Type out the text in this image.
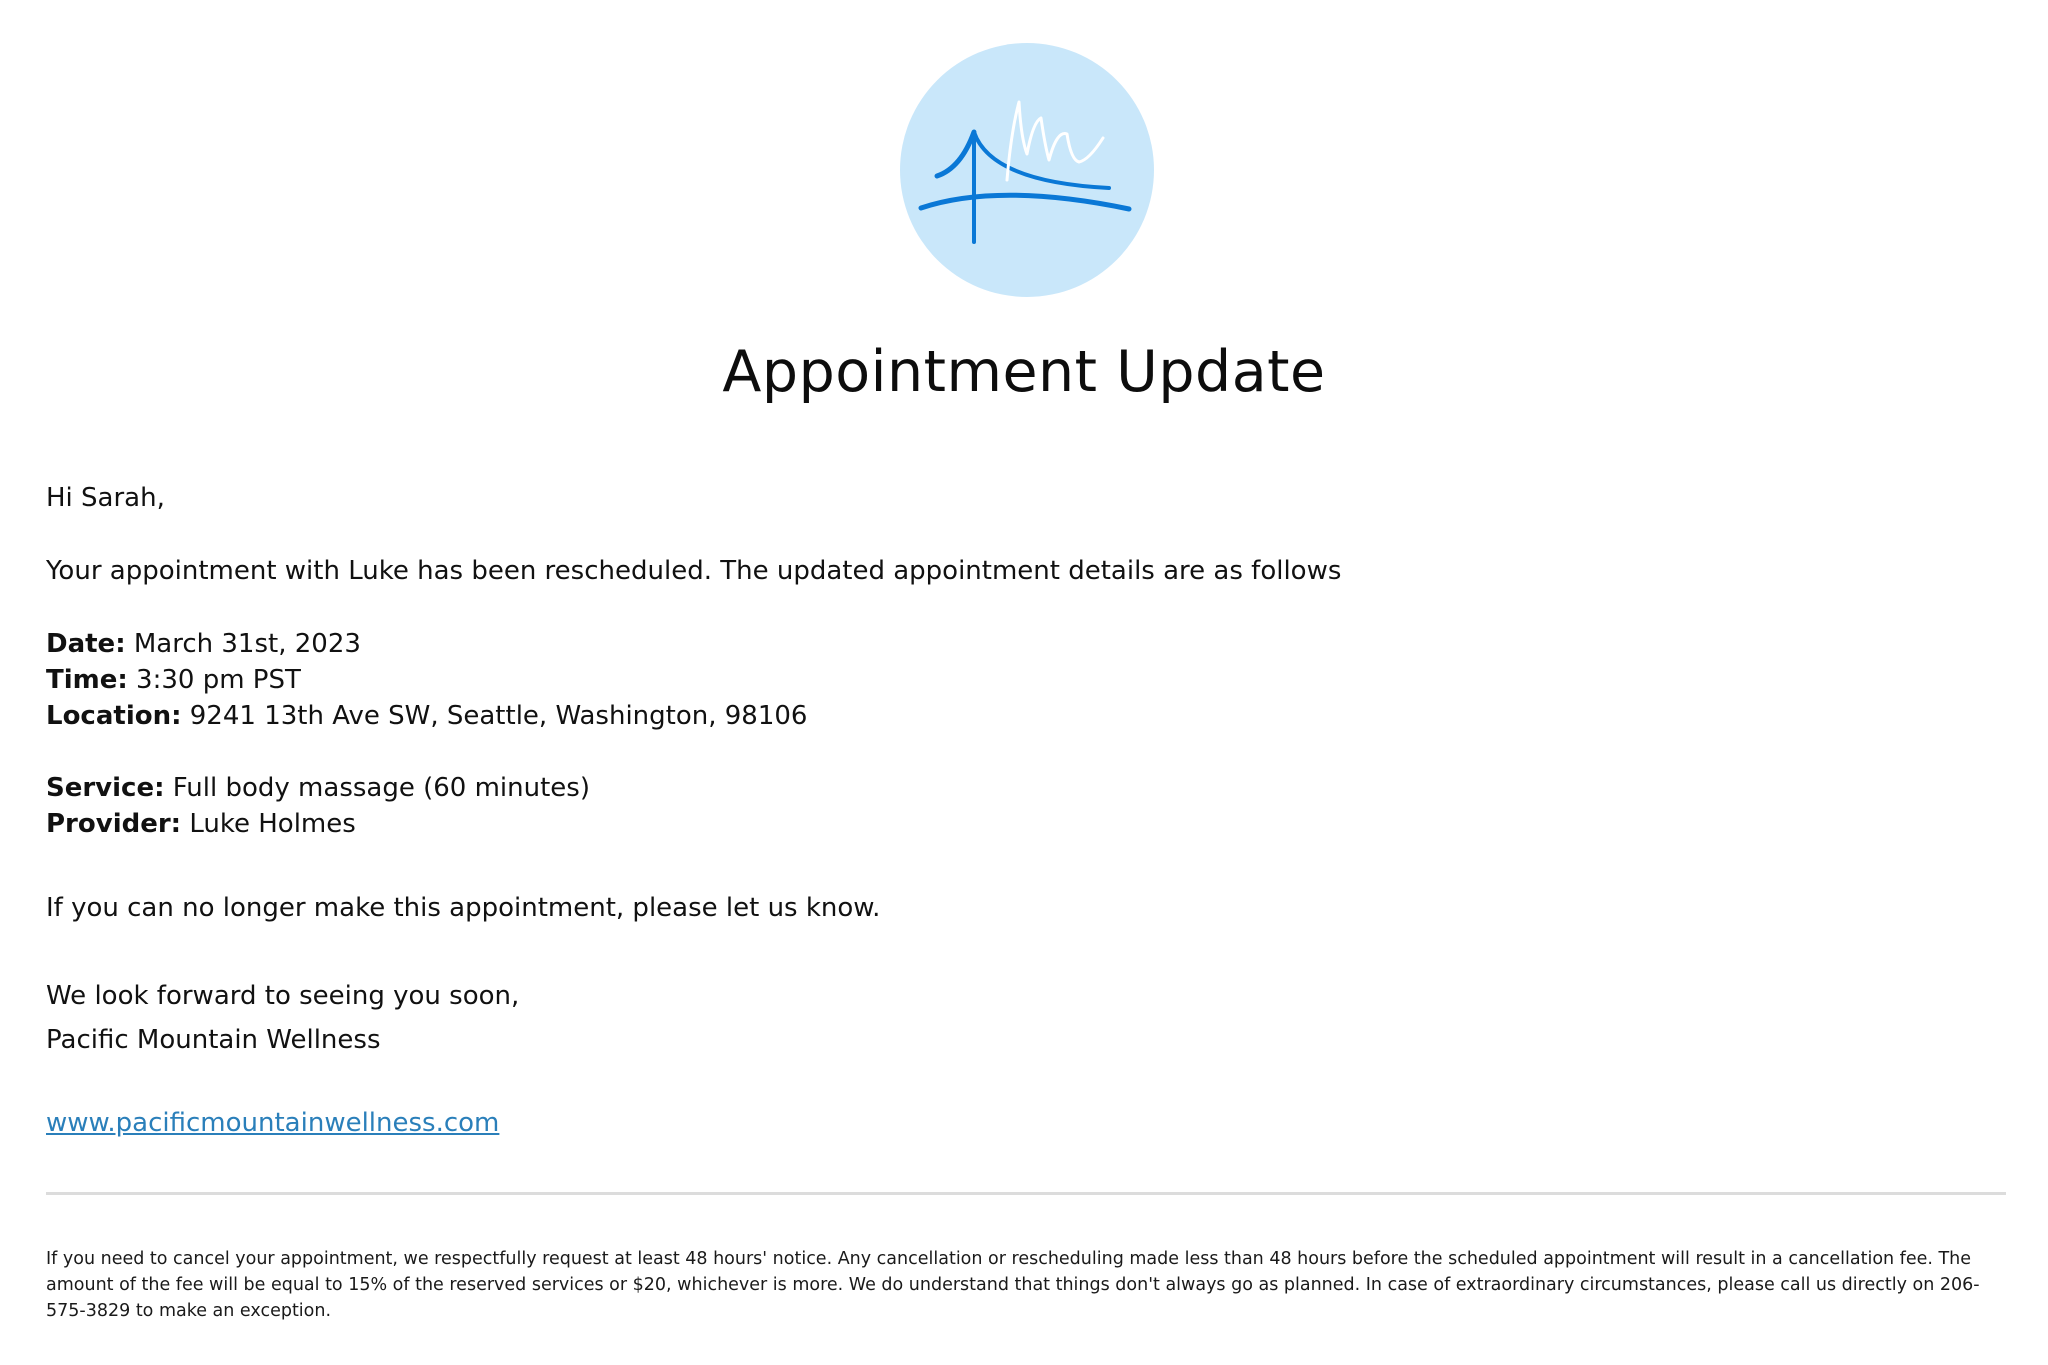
Appointment Update
Hi Sarah,
Your appointment with Luke has been rescheduled. The updated appointment details are as follows
Date: March 31st, 2023
Time: 3:30 pm PST
Location: 9241 13th Ave SW, Seattle, Washington, 98106
Service: Full body massage (60 minutes)
Provider: Luke Holmes
If you can no longer make this appointment, please let us know.
We look forward to seeing you soon,
Pacific Mountain Wellness
www.pacificmountainwellness.com
If you need to cancel your appointment, we respectfully request at least 48 hours' notice. Any cancellation or rescheduling made less than 48 hours before the scheduled appointment will result in a cancellation fee. The amount of the fee will be equal to 15% of the reserved services or $20, whichever is more. We do understand that things don't always go as planned. In case of extraordinary circumstances, please call us directly on 206-575-3829 to make an exception.
